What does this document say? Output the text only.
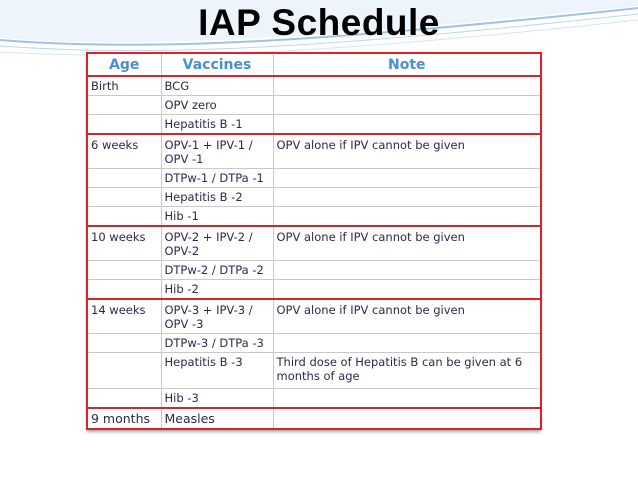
IAP Schedule
Age	Vaccines	Note
Birth	BCG	
	OPV zero	
	Hepatitis B -1	
6 weeks	OPV-1 + IPV-1 / OPV -1	OPV alone if IPV cannot be given
	DTPw-1 / DTPa -1	
	Hepatitis B -2	
	Hib -1	
10 weeks	OPV-2 + IPV-2 / OPV-2	OPV alone if IPV cannot be given
	DTPw-2 / DTPa -2	
	Hib -2	
14 weeks	OPV-3 + IPV-3 / OPV -3	OPV alone if IPV cannot be given
	DTPw-3 / DTPa -3	
	Hepatitis B -3	Third dose of Hepatitis B can be given at 6 months of age
	Hib -3	
9 months	Measles	
